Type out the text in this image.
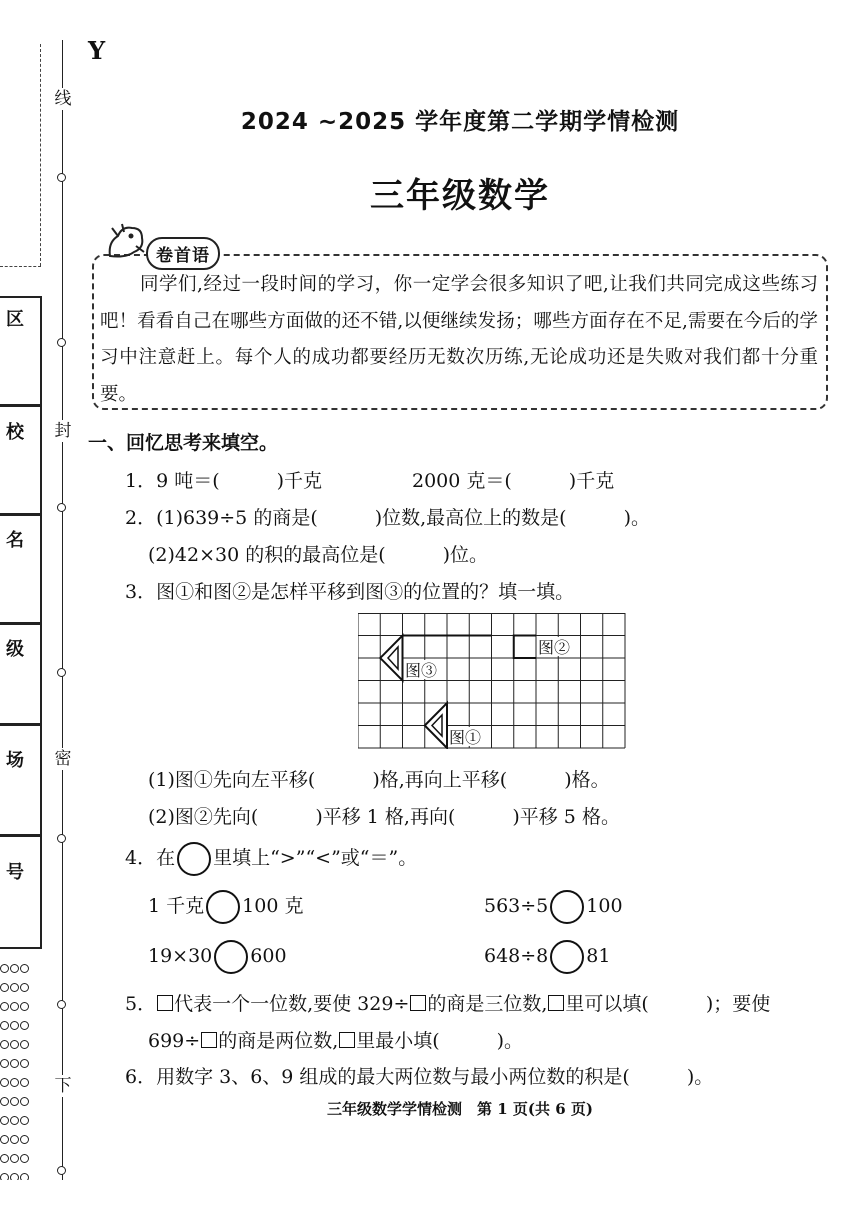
线
封
密
下
区
校
名
级
场
号
Y
2024 ~2025 学年度第二学期学情检测
三年级数学
卷首语
同学们,经过一段时间的学习，你一定学会很多知识了吧,让我们共同完成这些练习吧！看看自己在哪些方面做的还不错,以便继续发扬；哪些方面存在不足,需要在今后的学习中注意赶上。每个人的成功都要经历无数次历练,无论成功还是失败对我们都十分重要。
一、回忆思考来填空。
1．9 吨＝(　　　)千克	2000 克＝(　　　)千克
2．(1)639÷5 的商是(　　　)位数,最高位上的数是(　　　)。
(2)42×30 的积的最高位是(　　　)位。
3．图①和图②是怎样平移到图③的位置的？填一填。
图②
图③
图①
(1)图①先向左平移(　　　)格,再向上平移(　　　)格。
(2)图②先向(　　　)平移 1 格,再向(　　　)平移 5 格。
4．在 里填上“>”“<”或“＝”。
1 千克 100 克	563÷5 100
19×30 600	648÷8 81
5． 代表一个一位数,要使 329÷ 的商是三位数, 里可以填(　　　)；要使
699÷ 的商是两位数, 里最小填(　　　)。
6．用数字 3、6、9 组成的最大两位数与最小两位数的积是(　　　)。
三年级数学学情检测　第 1 页(共 6 页)
